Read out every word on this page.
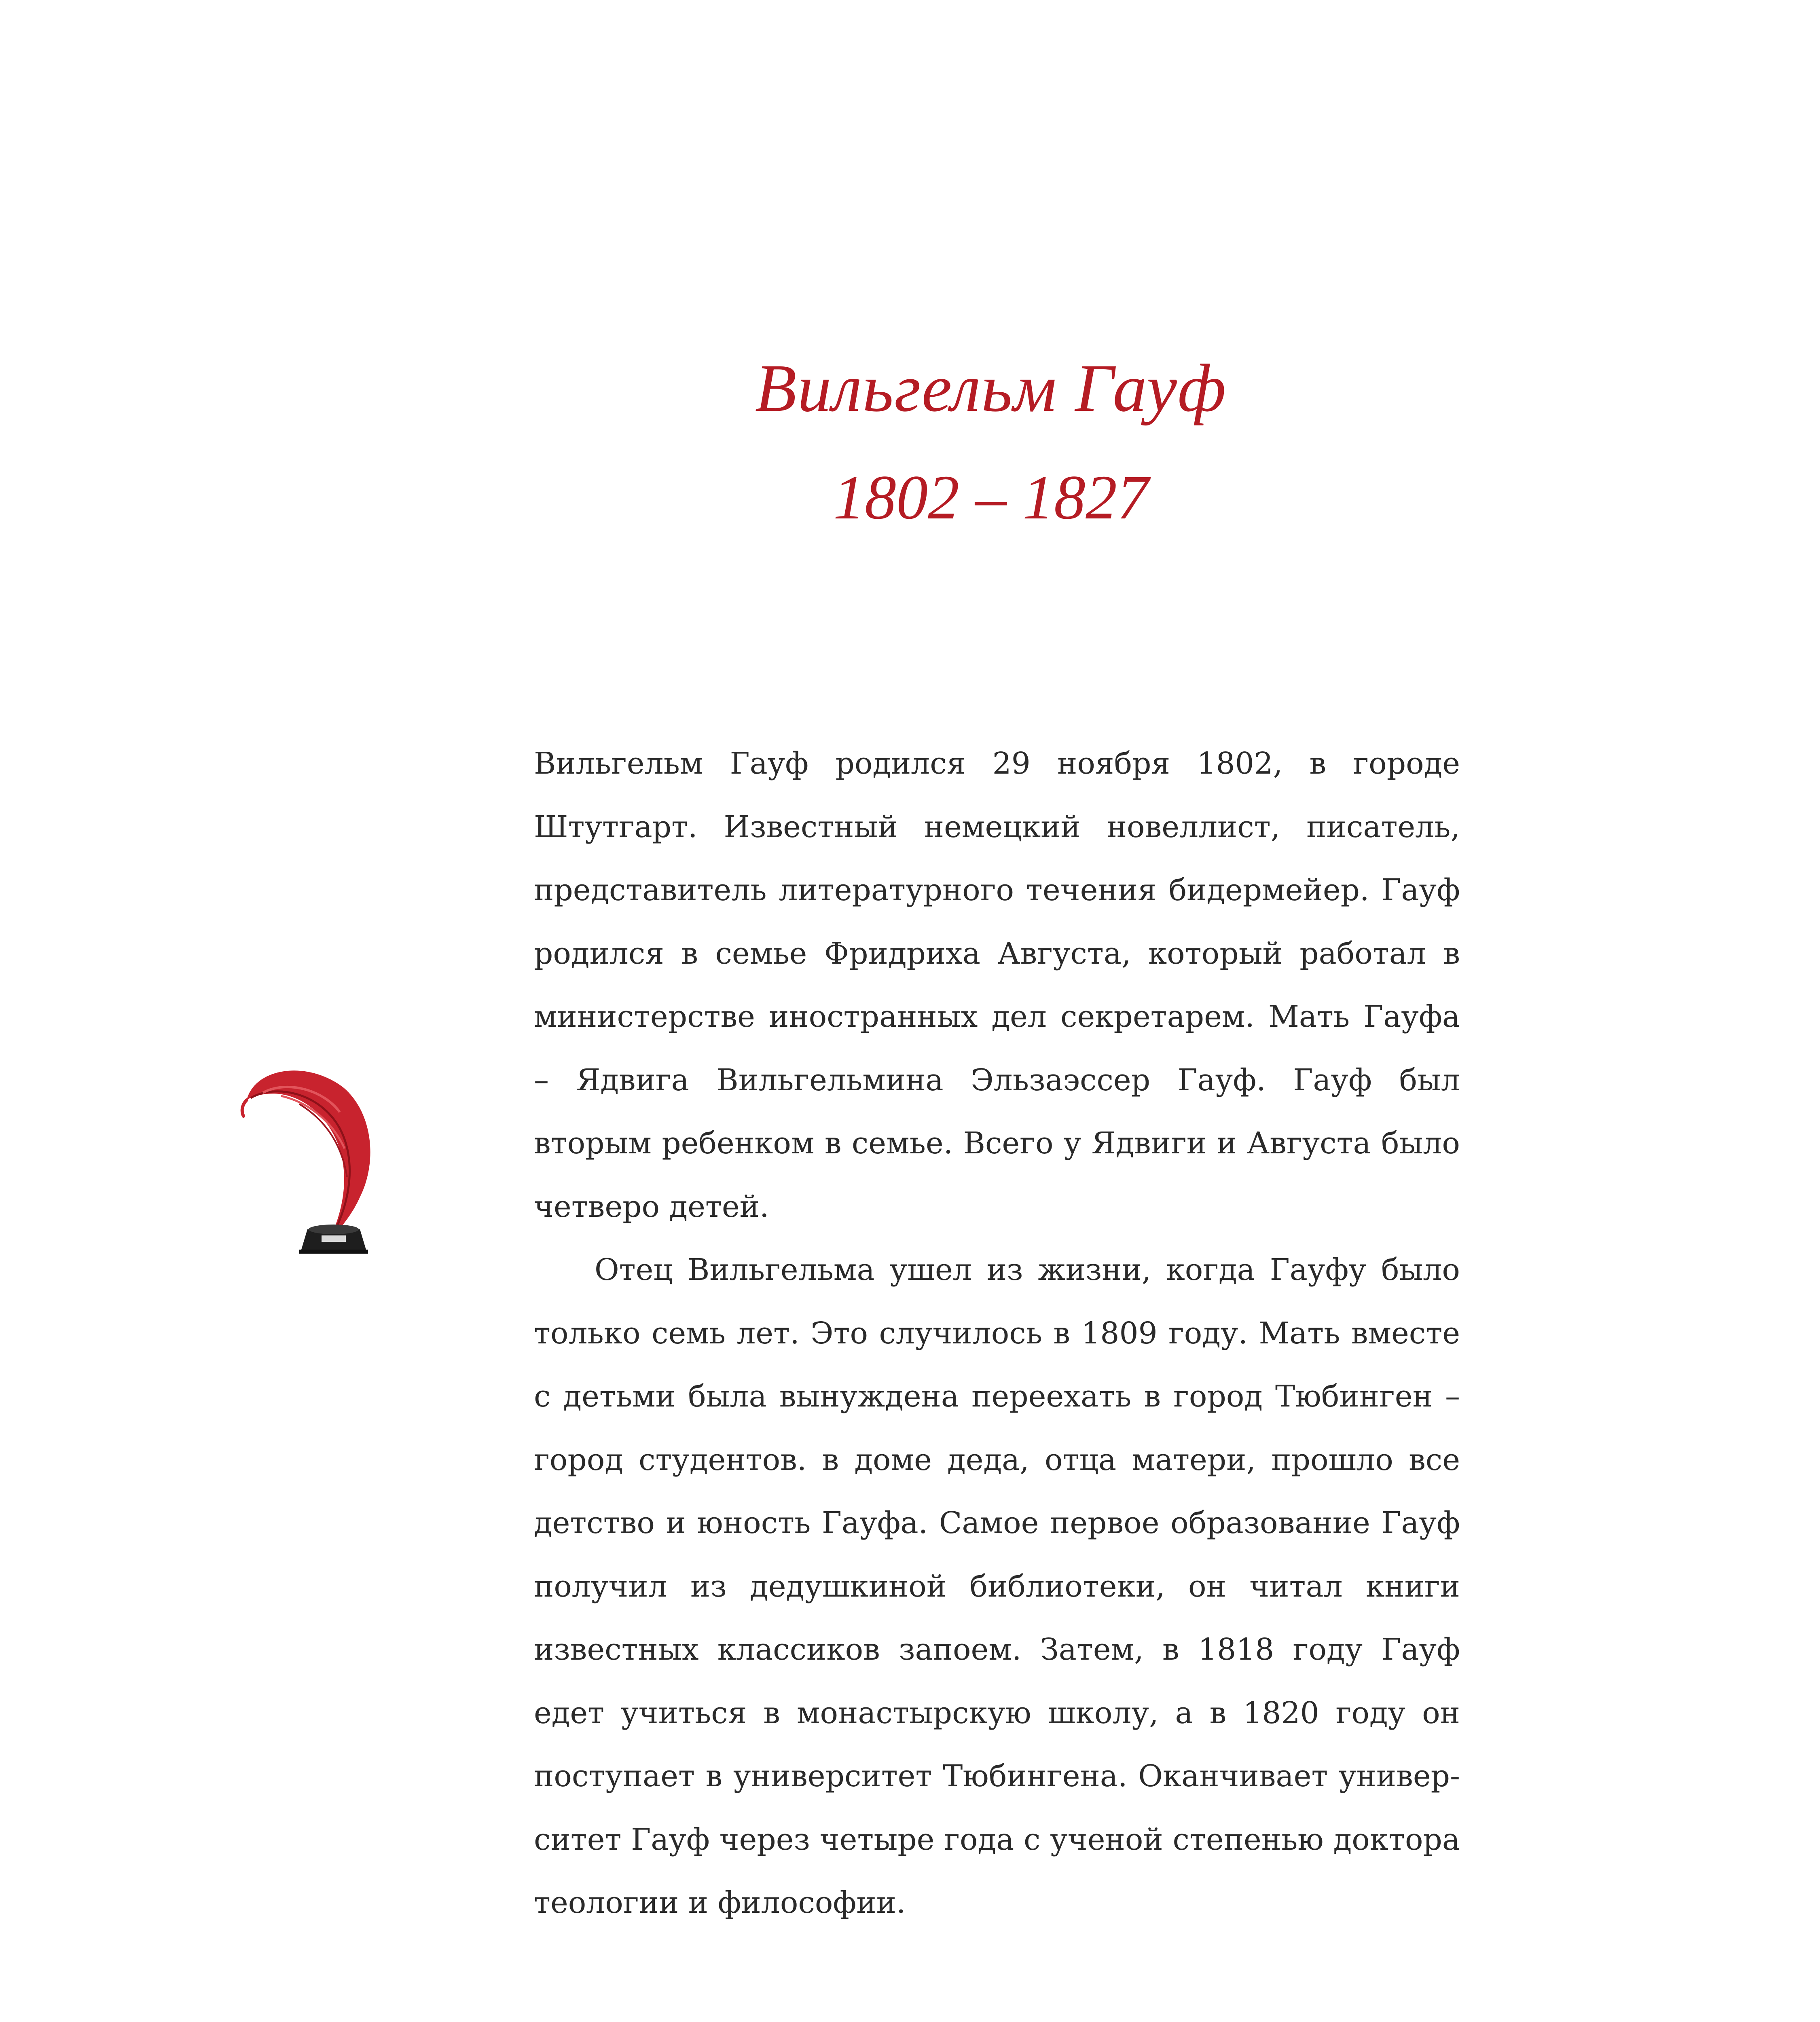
Вильгельм Гауф
1802 – 1827

Вильгельм Гауф родился 29 ноября 1802, в городе Штутгарт. Известный немецкий новеллист, писатель, представитель литературного течения бидермейер. Гауф родился в семье Фридриха Августа, который работал в министерстве иностранных дел секретарем. Мать Гауфа – Ядвига Вильгельмина Эльзаэссер Гауф. Гауф был вторым ребенком в семье. Всего у Ядвиги и Августа было четверо детей.

Отец Вильгельма ушел из жизни, когда Гауфу было только семь лет. Это случилось в 1809 году. Мать вместе с детьми была вынуждена переехать в город Тюбинген – город студентов. в доме деда, отца матери, прошло все детство и юность Гауфа. Самое первое образование Гауф получил из дедушкиной библиотеки, он читал книги известных классиков запоем. Затем, в 1818 году Гауф едет учиться в монастырскую школу, а в 1820 году он поступает в университет Тюбингена. Оканчивает университет Гауф через четыре года с ученой степенью доктора теологии и философии.
